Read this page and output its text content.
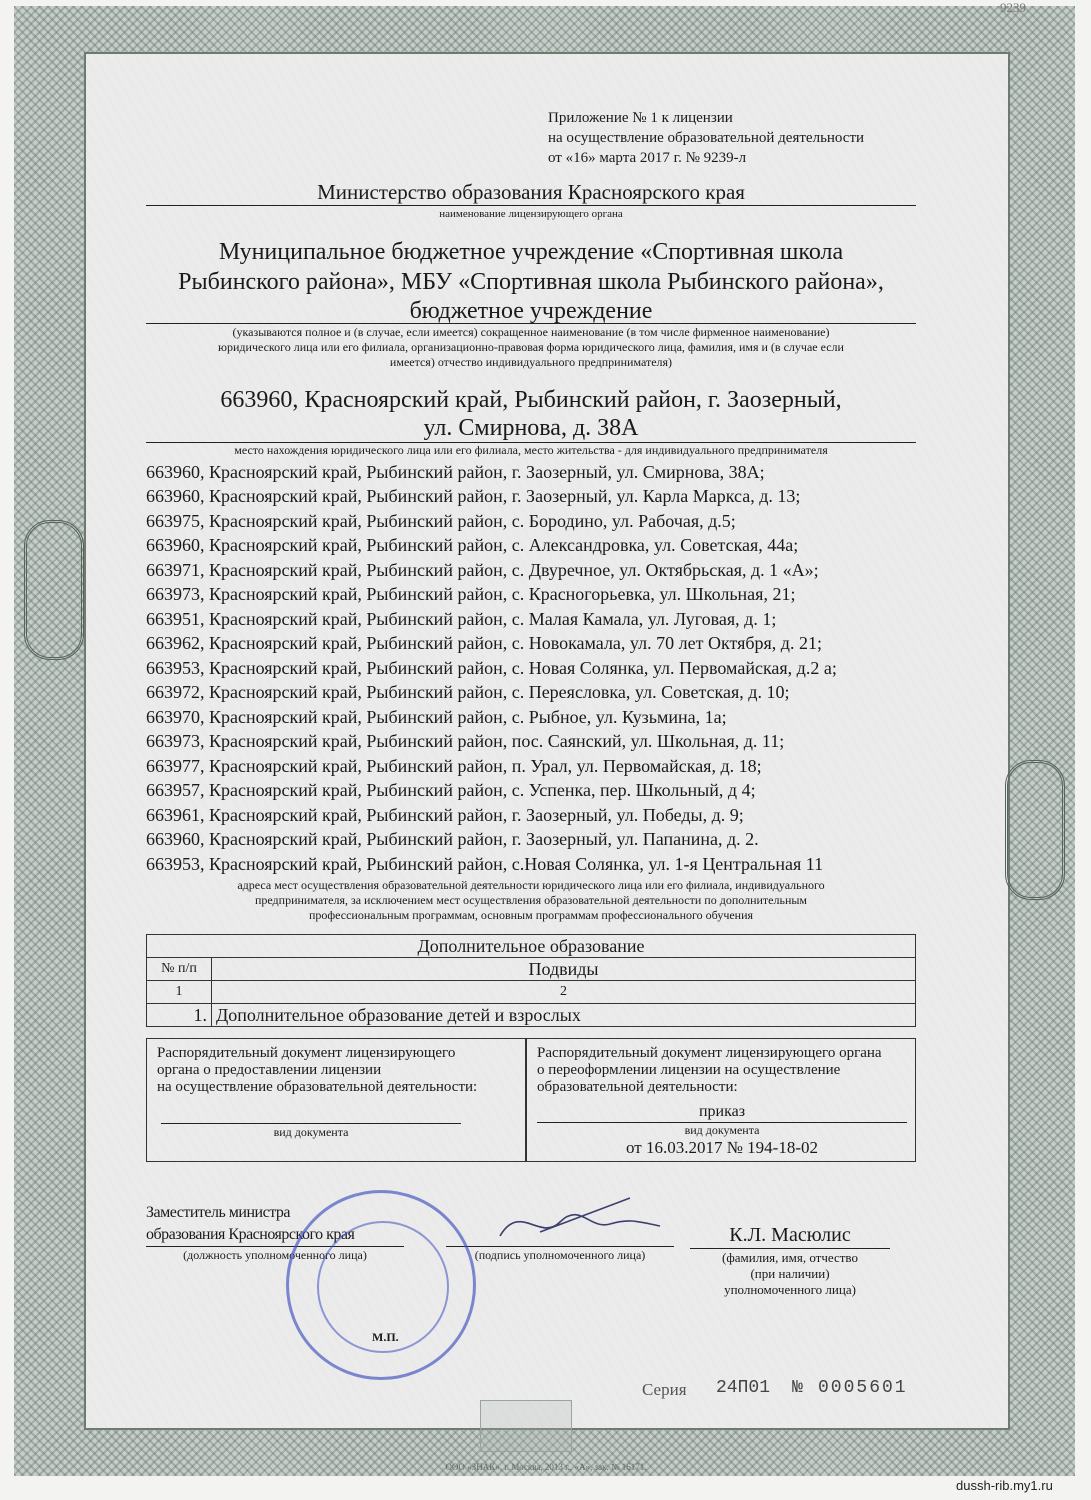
9239
Приложение № 1 к лицензии
на осуществление образовательной деятельности
от «16» марта 2017 г. № 9239-л
Министерство образования Красноярского края
наименование лицензирующего органа
Муниципальное бюджетное учреждение «Спортивная школа
Рыбинского района», МБУ «Спортивная школа Рыбинского района»,
бюджетное учреждение
(указываются полное и (в случае, если имеется) сокращенное наименование (в том числе фирменное наименование)
юридического лица или его филиала, организационно-правовая форма юридического лица, фамилия, имя и (в случае если
имеется) отчество индивидуального предпринимателя)
663960, Красноярский край, Рыбинский район, г. Заозерный,
ул. Смирнова, д. 38А
место нахождения юридического лица или его филиала, место жительства - для индивидуального предпринимателя
663960, Красноярский край, Рыбинский район, г. Заозерный, ул. Смирнова, 38А;
663960, Красноярский край, Рыбинский район, г. Заозерный, ул. Карла Маркса, д. 13;
663975, Красноярский край, Рыбинский район, с. Бородино, ул. Рабочая, д.5;
663960, Красноярский край, Рыбинский район, с. Александровка, ул. Советская, 44а;
663971, Красноярский край, Рыбинский район, с. Двуречное, ул. Октябрьская, д. 1 «А»;
663973, Красноярский край, Рыбинский район, с. Красногорьевка, ул. Школьная, 21;
663951, Красноярский край, Рыбинский район, с. Малая Камала, ул. Луговая, д. 1;
663962, Красноярский край, Рыбинский район, с. Новокамала, ул. 70 лет Октября, д. 21;
663953, Красноярский край, Рыбинский район, с. Новая Солянка, ул. Первомайская, д.2 а;
663972, Красноярский край, Рыбинский район, с. Переясловка, ул. Советская, д. 10;
663970, Красноярский край, Рыбинский район, с. Рыбное, ул. Кузьмина, 1а;
663973, Красноярский край, Рыбинский район, пос. Саянский, ул. Школьная, д. 11;
663977, Красноярский край, Рыбинский район, п. Урал, ул. Первомайская, д. 18;
663957, Красноярский край, Рыбинский район, с. Успенка, пер. Школьный, д 4;
663961, Красноярский край, Рыбинский район, г. Заозерный, ул. Победы, д. 9;
663960, Красноярский край, Рыбинский район, г. Заозерный, ул. Папанина, д. 2.
663953, Красноярский край, Рыбинский район, с.Новая Солянка, ул. 1-я Центральная 11
адреса мест осуществления образовательной деятельности юридического лица или его филиала, индивидуального
предпринимателя, за исключением мест осуществления образовательной деятельности по дополнительным
профессиональным программам, основным программам профессионального обучения
Дополнительное образование	
№ п/п	Подвиды
1	2
1.	Дополнительное образование детей и взрослых
Распорядительный документ лицензирующего
органа о предоставлении лицензии
на осуществление образовательной деятельности:
вид документа
Распорядительный документ лицензирующего органа
о переоформлении лицензии на осуществление
образовательной деятельности:
приказ
вид документа
от 16.03.2017 № 194-18-02
Заместитель министра
образования Красноярского края
(должность уполномоченного лица)	(подпись уполномоченного лица)
К.Л. Масюлис
(фамилия, имя, отчество
(при наличии)
уполномоченного лица)
М.П.
Серия 24П01 № 0005601
ООО «ЗНАК», г. Москва, 2013 г., «А», зак. № 16171.
dussh-rib.my1.ru
